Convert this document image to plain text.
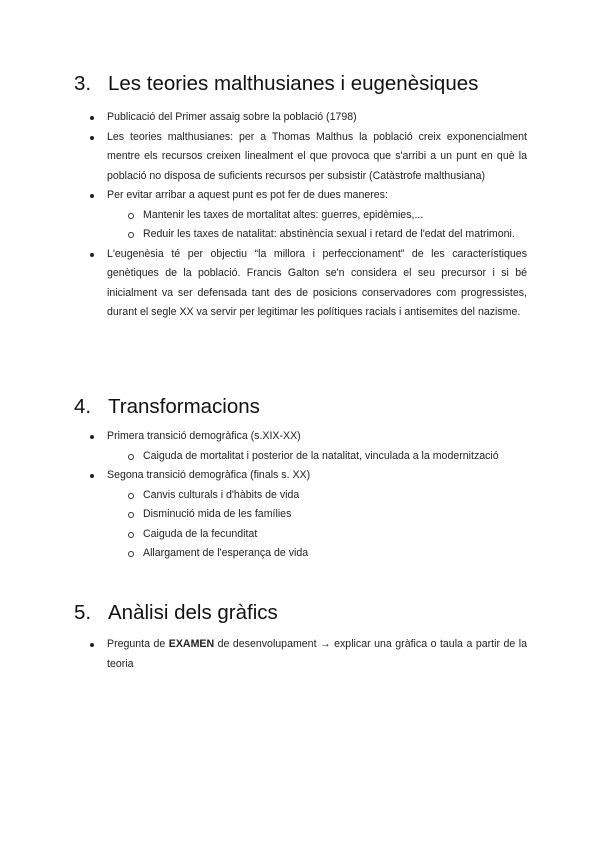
3. Les teories malthusianes i eugenèsiques
Publicació del Primer assaig sobre la població (1798)
Les teories malthusianes: per a Thomas Malthus la població creix exponencialment mentre els recursos creixen linealment el que provoca que s'arribi a un punt en què la població no disposa de suficients recursos per subsistir (Catàstrofe malthusiana)
Per evitar arribar a aquest punt es pot fer de dues maneres:
Mantenir les taxes de mortalitat altes: guerres, epidèmies,...
Reduir les taxes de natalitat: abstinència sexual i retard de l'edat del matrimoni.
L'eugenèsia té per objectiu “la millora i perfeccionament” de les característiques genètiques de la població. Francis Galton se'n considera el seu precursor i si bé inicialment va ser defensada tant des de posicions conservadores com progressistes, durant el segle XX va servir per legitimar les polítiques racials i antisemites del nazisme.
4. Transformacions
Primera transició demogràfica (s.XIX-XX)
Caiguda de mortalitat i posterior de la natalitat, vinculada a la modernització
Segona transició demogràfica (finals s. XX)
Canvis culturals i d'hàbits de vida
Disminució mida de les famílies
Caiguda de la fecunditat
Allargament de l'esperança de vida
5. Anàlisi dels gràfics
Pregunta de EXAMEN de desenvolupament → explicar una gràfica o taula a partir de la teoria
